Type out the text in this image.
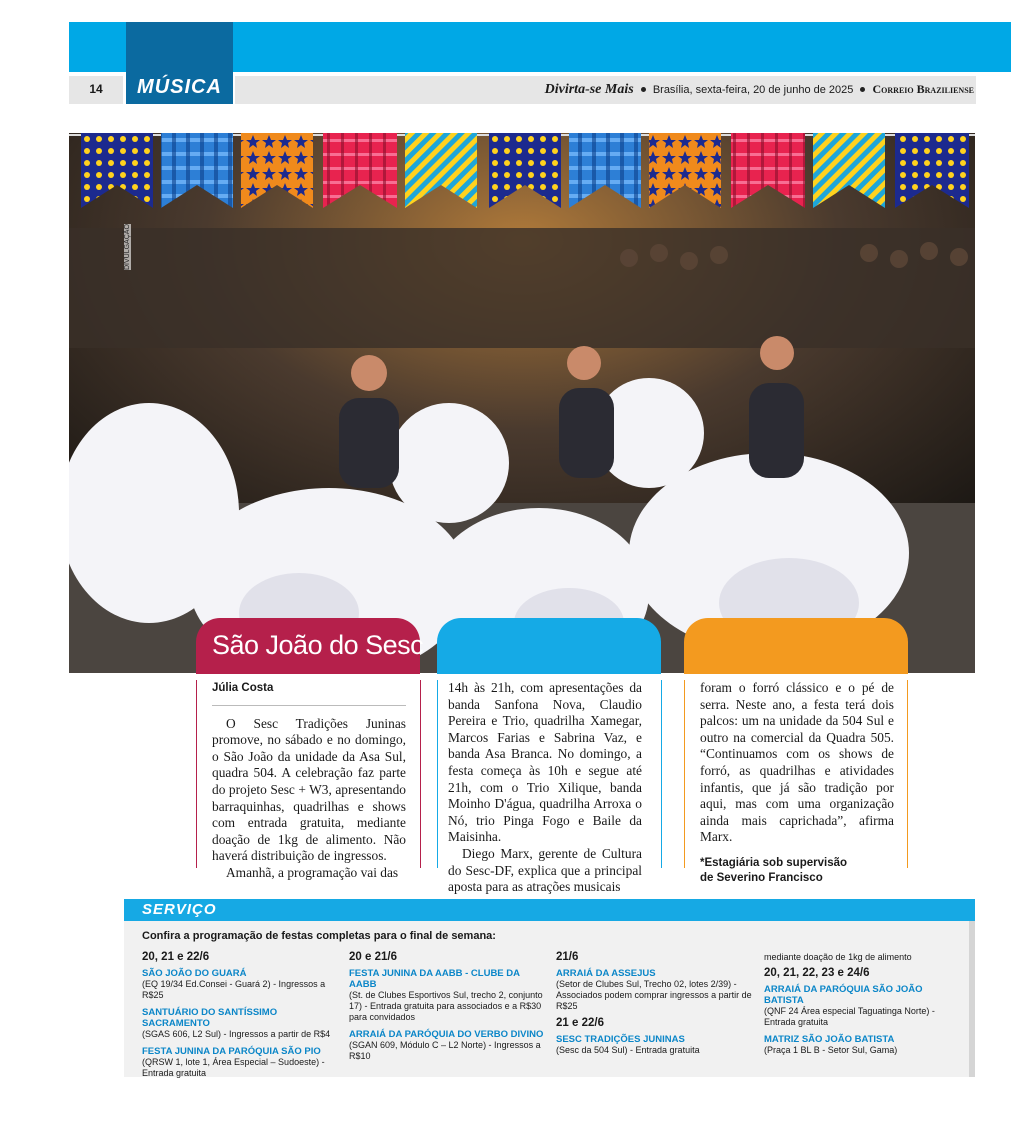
14	MÚSICA	Divirta-se Mais Brasília, sexta-feira, 20 de junho de 2025 Correio Braziliense
DIVULGAÇÃO
São João do Sesc

Júlia Costa

O Sesc Tradições Juninas promove, no sábado e no domingo, o São João da unidade da Asa Sul, quadra 504. A celebração faz parte do projeto Sesc + W3, apresentando barraquinhas, quadrilhas e shows com entrada gratuita, mediante doação de 1kg de alimento. Não haverá distribuição de ingressos.

Amanhã, a programação vai das

14h às 21h, com apresentações da banda Sanfona Nova, Claudio Pereira e Trio, quadrilha Xamegar, Marcos Farias e Sabrina Vaz, e banda Asa Branca. No domingo, a festa começa às 10h e segue até 21h, com o Trio Xilique, banda Moinho D'água, quadrilha Arroxa o Nó, trio Pinga Fogo e Baile da Maisinha.

Diego Marx, gerente de Cultura do Sesc-DF, explica que a principal aposta para as atrações musicais

foram o forró clássico e o pé de serra. Neste ano, a festa terá dois palcos: um na unidade da 504 Sul e outro na comercial da Quadra 505. “Continuamos com os shows de forró, as quadrilhas e atividades infantis, que já são tradição por aqui, mas com uma organização ainda mais caprichada”, afirma Marx.

*Estagiária sob supervisão
de Severino Francisco

SERVIÇO
Confira a programação de festas completas para o final de semana:

20, 21 e 22/6

SÃO JOÃO DO GUARÁ
(EQ 19/34 Ed.Consei - Guará 2) - Ingressos a R$25

SANTUÁRIO DO SANTÍSSIMO SACRAMENTO
(SGAS 606, L2 Sul) - Ingressos a partir de R$4

FESTA JUNINA DA PARÓQUIA SÃO PIO
(QRSW 1, lote 1, Área Especial – Sudoeste) - Entrada gratuita

20 e 21/6

FESTA JUNINA DA AABB - CLUBE DA AABB
(St. de Clubes Esportivos Sul, trecho 2, conjunto 17) - Entrada gratuita para associados e a R$30 para convidados

ARRAIÁ DA PARÓQUIA DO VERBO DIVINO
(SGAN 609, Módulo C – L2 Norte) - Ingressos a R$10

21/6

ARRAIÁ DA ASSEJUS
(Setor de Clubes Sul, Trecho 02, lotes 2/39) - Associados podem comprar ingressos a partir de R$25

21 e 22/6

SESC TRADIÇÕES JUNINAS
(Sesc da 504 Sul) - Entrada gratuita

mediante doação de 1kg de alimento

20, 21, 22, 23 e 24/6

ARRAIÁ DA PARÓQUIA SÃO JOÃO BATISTA
(QNF 24 Área especial Taguatinga Norte) - Entrada gratuita

MATRIZ SÃO JOÃO BATISTA
(Praça 1 BL B - Setor Sul, Gama)
